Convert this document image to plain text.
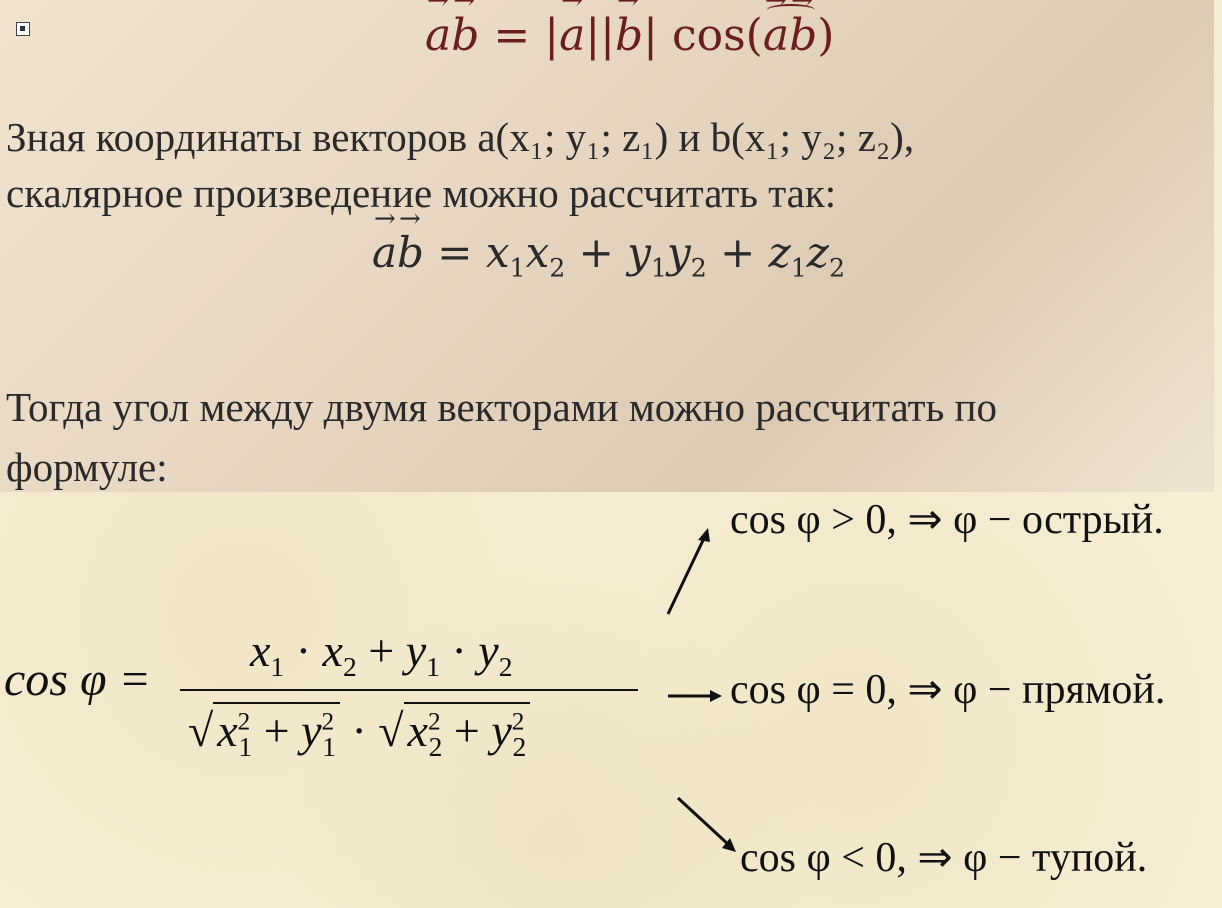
→ a→ b = |→ a||→ b| cos(→ a→ b)
Зная координаты векторов a(x₁; y₁; z₁) и b(x₁; y₂; z₂),
скалярное произведение можно рассчитать так:
→ $a\to b = x_1x_2 + y_1y_2 + z_1z_2$
Тогда угол между двумя векторами можно рассчитать по
формуле:
cos φ =
$x_1 \cdot x_2 + y_1 \cdot y_2$
$√x^2_1 + y^2_1 \cdot √x^2_2 + y^2_2$
cos φ > 0, ⇒ φ − острый.
cos φ = 0, ⇒ φ − прямой.
cos φ < 0, ⇒ φ − тупой.
